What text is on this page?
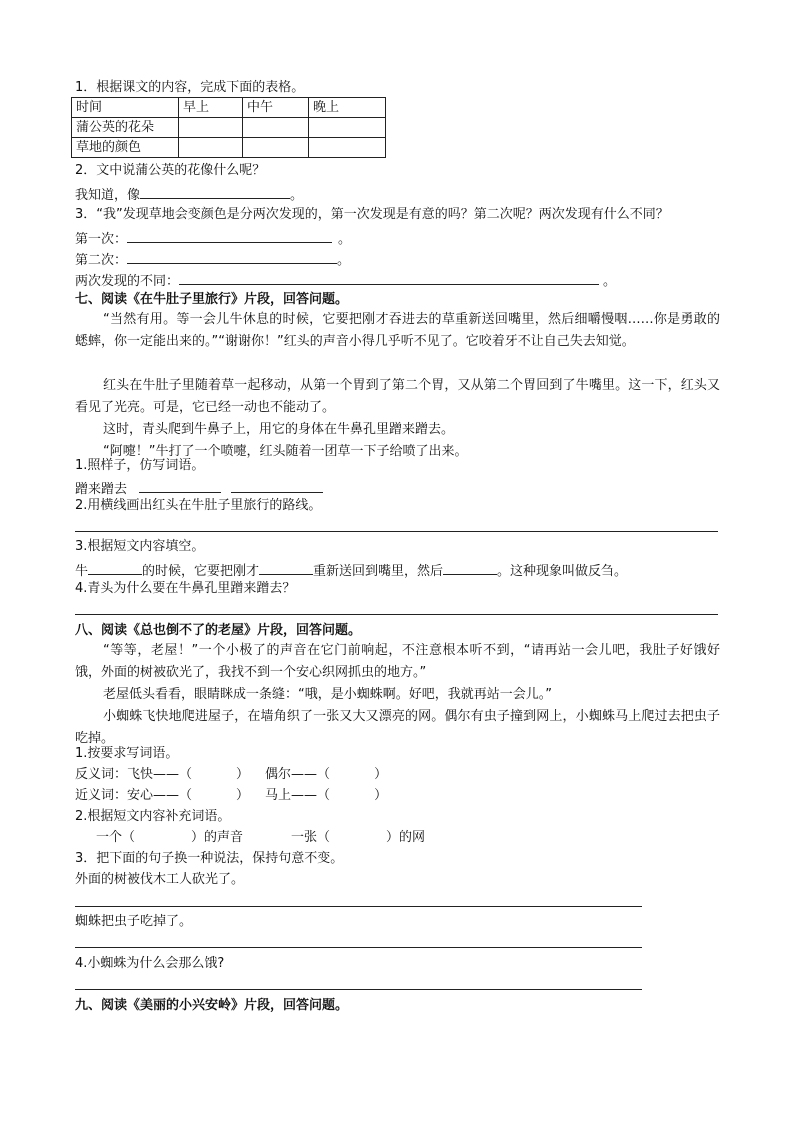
1．根据课文的内容，完成下面的表格。
时间	早上	中午	晚上
蒲公英的花朵			
草地的颜色			
2．文中说蒲公英的花像什么呢？
我知道，像	。
3．“我”发现草地会变颜色是分两次发现的，第一次发现是有意的吗？第二次呢？两次发现有什么不同？
第一次：	。
第二次：	。
两次发现的不同：	。
七、阅读《在牛肚子里旅行》片段，回答问题。
“当然有用。等一会儿牛休息的时候，它要把刚才吞进去的草重新送回嘴里，然后细嚼慢咽……你是勇敢的蟋蟀，你一定能出来的。”“谢谢你！”红头的声音小得几乎听不见了。它咬着牙不让自己失去知觉。
红头在牛肚子里随着草一起移动，从第一个胃到了第二个胃，又从第二个胃回到了牛嘴里。这一下，红头又看见了光亮。可是，它已经一动也不能动了。
这时，青头爬到牛鼻子上，用它的身体在牛鼻孔里蹭来蹭去。
“阿嚏！”牛打了一个喷嚏，红头随着一团草一下子给喷了出来。
1.照样子，仿写词语。
蹭来蹭去
2.用横线画出红头在牛肚子里旅行的路线。
3.根据短文内容填空。
牛	的时候，它要把刚才	重新送回到嘴里，然后	。这种现象叫做反刍。
4.青头为什么要在牛鼻孔里蹭来蹭去？
八、阅读《总也倒不了的老屋》片段，回答问题。
“等等，老屋！”一个小极了的声音在它门前响起，不注意根本听不到，“请再站一会儿吧，我肚子好饿好饿，外面的树被砍光了，我找不到一个安心织网抓虫的地方。”
老屋低头看看，眼睛眯成一条缝：“哦，是小蜘蛛啊。好吧，我就再站一会儿。”
小蜘蛛飞快地爬进屋子，在墙角织了一张又大又漂亮的网。偶尔有虫子撞到网上，小蜘蛛马上爬过去把虫子吃掉。
1.按要求写词语。
反义词：飞快——（	） 偶尔——（	）
近义词：安心——（	） 马上——（	）
2.根据短文内容补充词语。
一个（	）的声音	一张（	）的网
3．把下面的句子换一种说法，保持句意不变。
外面的树被伐木工人砍光了。
蜘蛛把虫子吃掉了。
4.小蜘蛛为什么会那么饿?
九、阅读《美丽的小兴安岭》片段，回答问题。
